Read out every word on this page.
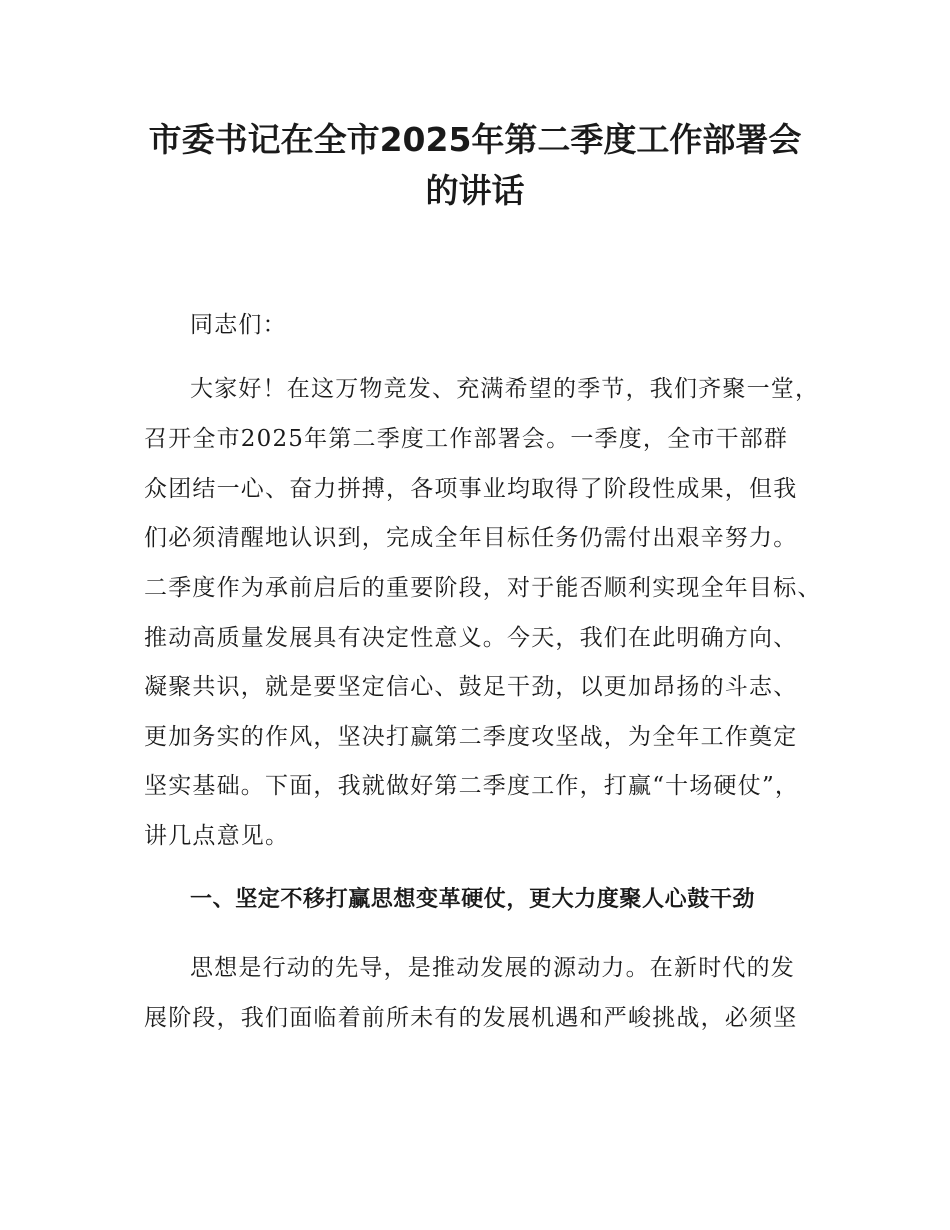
市委书记在全市2025年第二季度工作部署会
的讲话
同志们：
大家好！在这万物竞发、充满希望的季节，我们齐聚一堂，
召开全市2025年第二季度工作部署会。一季度，全市干部群
众团结一心、奋力拼搏，各项事业均取得了阶段性成果，但我
们必须清醒地认识到，完成全年目标任务仍需付出艰辛努力。
二季度作为承前启后的重要阶段，对于能否顺利实现全年目标、
推动高质量发展具有决定性意义。今天，我们在此明确方向、
凝聚共识，就是要坚定信心、鼓足干劲，以更加昂扬的斗志、
更加务实的作风，坚决打赢第二季度攻坚战，为全年工作奠定
坚实基础。下面，我就做好第二季度工作，打赢“十场硬仗”，
讲几点意见。
一、坚定不移打赢思想变革硬仗，更大力度聚人心鼓干劲
思想是行动的先导，是推动发展的源动力。在新时代的发
展阶段，我们面临着前所未有的发展机遇和严峻挑战，必须坚
